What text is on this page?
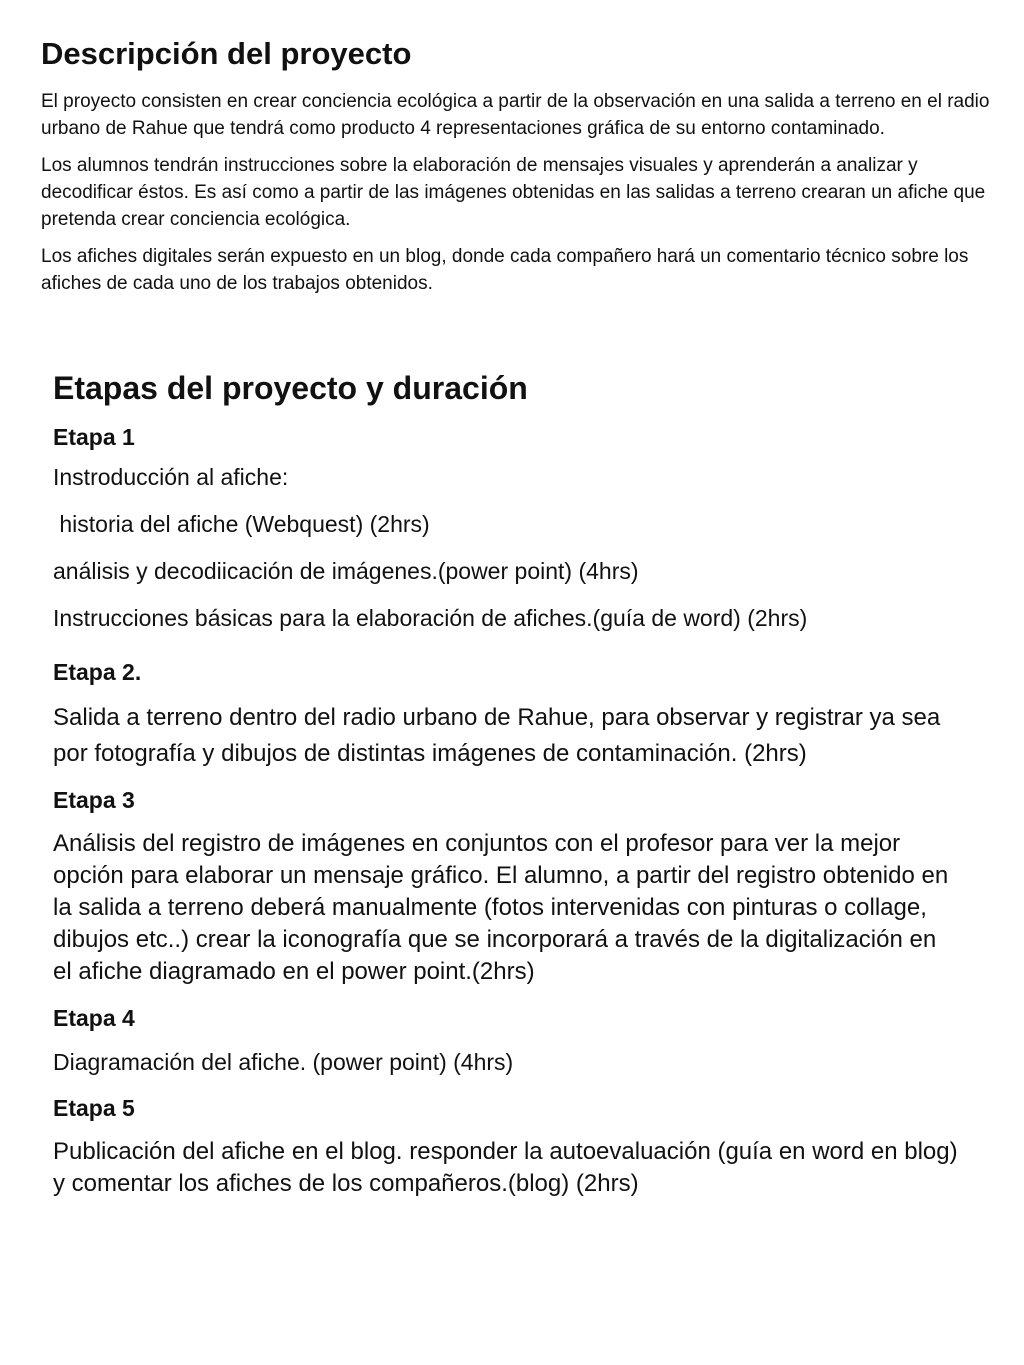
Descripción del proyecto

El proyecto consisten en crear conciencia ecológica a partir de la observación en una salida a terreno en el radio urbano de Rahue que tendrá como producto 4 representaciones gráfica de su entorno contaminado.

Los alumnos tendrán instrucciones sobre la elaboración de mensajes visuales y aprenderán a analizar y decodificar éstos. Es así como a partir de las imágenes obtenidas en las salidas a terreno crearan un afiche que pretenda crear conciencia ecológica.

Los afiches digitales serán expuesto en un blog, donde cada compañero hará un comentario técnico sobre los afiches de cada uno de los trabajos obtenidos.

Etapas del proyecto y duración
Etapa 1
Instroducción al afiche:
historia del afiche (Webquest) (2hrs)
análisis y decodiicación de imágenes.(power point) (4hrs)
Instrucciones básicas para la elaboración de afiches.(guía de word) (2hrs)
Etapa 2.
Salida a terreno dentro del radio urbano de Rahue, para observar y registrar ya sea por fotografía y dibujos de distintas imágenes de contaminación. (2hrs)
Etapa 3
Análisis del registro de imágenes en conjuntos con el profesor para ver la mejor opción para elaborar un mensaje gráfico. El alumno, a partir del registro obtenido en la salida a terreno deberá manualmente (fotos intervenidas con pinturas o collage, dibujos etc..) crear la iconografía que se incorporará a través de la digitalización en el afiche diagramado en el power point.(2hrs)
Etapa 4
Diagramación del afiche. (power point) (4hrs)
Etapa 5
Publicación del afiche en el blog. responder la autoevaluación (guía en word en blog) y comentar los afiches de los compañeros.(blog) (2hrs)
